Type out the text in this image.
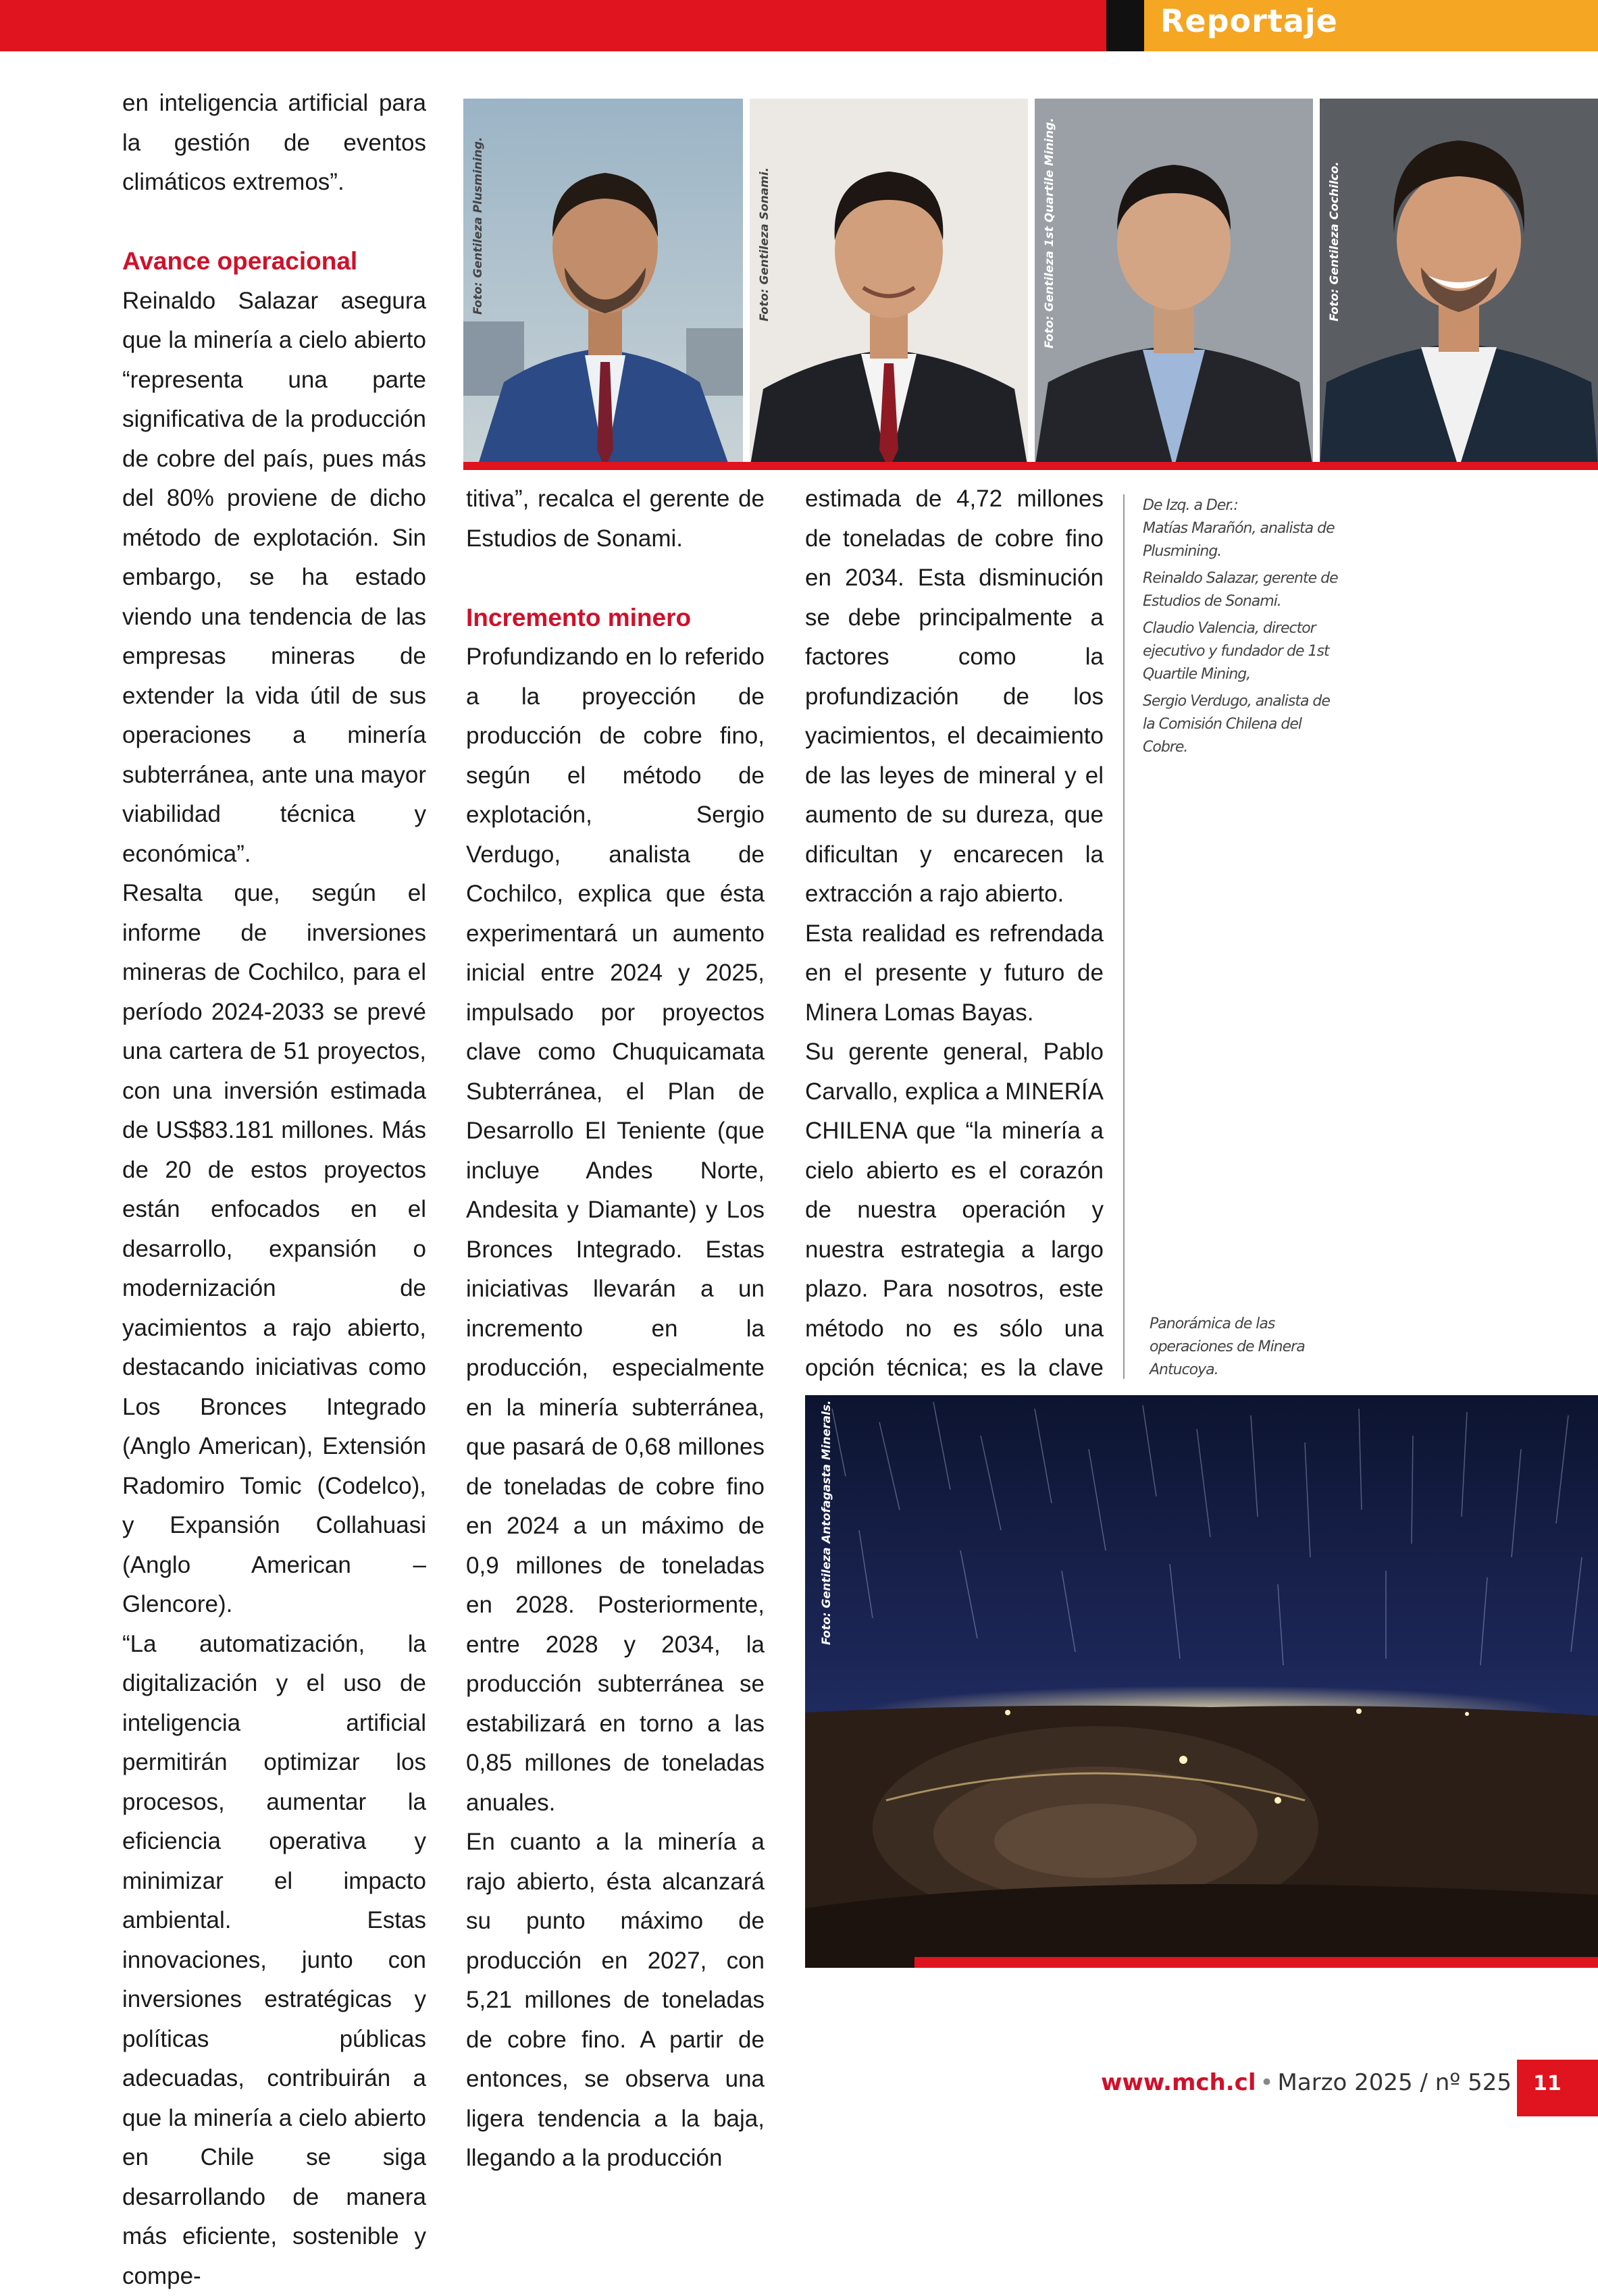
Reportaje

en inteligencia artificial para la gestión de eventos climáticos extremos”.

Avance operacional

Reinaldo Salazar asegura que la minería a cielo abierto “representa una parte significativa de la producción de cobre del país, pues más del 80% proviene de dicho método de explotación. Sin embargo, se ha estado viendo una tendencia de las empresas mineras de extender la vida útil de sus operaciones a minería subterránea, ante una mayor viabilidad técnica y económica”.

Resalta que, según el informe de inversiones mineras de Cochilco, para el período 2024-2033 se prevé una cartera de 51 proyectos, con una inversión estimada de US$83.181 millones. Más de 20 de estos proyectos están enfocados en el desarrollo, expansión o modernización de yacimientos a rajo abierto, destacando iniciativas como Los Bronces Integrado (Anglo American), Extensión Radomiro Tomic (Codelco), y Expansión Collahuasi (Anglo American – Glencore).

“La automatización, la digitalización y el uso de inteligencia artificial permitirán optimizar los procesos, aumentar la eficiencia operativa y minimizar el impacto ambiental. Estas innovaciones, junto con inversiones estratégicas y políticas públicas adecuadas, contribuirán a que la minería a cielo abierto en Chile se siga desarrollando de manera más eficiente, sostenible y compe-

Foto: Gentileza Plusmining.	Foto: Gentileza Sonami.	Foto: Gentileza 1st Quartile Mining.	Foto: Gentileza Cochilco.

titiva”, recalca el gerente de Estudios de Sonami.

Incremento minero

Profundizando en lo referido a la proyección de producción de cobre fino, según el método de explotación, Sergio Verdugo, analista de Cochilco, explica que ésta experimentará un aumento inicial entre 2024 y 2025, impulsado por proyectos clave como Chuquicamata Subterránea, el Plan de Desarrollo El Teniente (que incluye Andes Norte, Andesita y Diamante) y Los Bronces Integrado. Estas iniciativas llevarán a un incremento en la producción, especialmente en la minería subterránea, que pasará de 0,68 millones de toneladas de cobre fino en 2024 a un máximo de 0,9 millones de toneladas en 2028. Posteriormente, entre 2028 y 2034, la producción subterránea se estabilizará en torno a las 0,85 millones de toneladas anuales.

En cuanto a la minería a rajo abierto, ésta alcanzará su punto máximo de producción en 2027, con 5,21 millones de toneladas de cobre fino. A partir de entonces, se observa una ligera tendencia a la baja, llegando a la producción

estimada de 4,72 millones de toneladas de cobre fino en 2034. Esta disminución se debe principalmente a factores como la profundización de los yacimientos, el decaimiento de las leyes de mineral y el aumento de su dureza, que dificultan y encarecen la extracción a rajo abierto.

Esta realidad es refrendada en el presente y futuro de Minera Lomas Bayas.

Su gerente general, Pablo Carvallo, explica a MINERÍA CHILENA que “la minería a cielo abierto es el corazón de nuestra operación y nuestra estrategia a largo plazo. Para nosotros, este método no es sólo una opción técnica; es la clave

De Izq. a Der.:

Matías Marañón, analista de Plusmining.

Reinaldo Salazar, gerente de Estudios de Sonami.

Claudio Valencia, director ejecutivo y fundador de 1st Quartile Mining,

Sergio Verdugo, analista de la Comisión Chilena del Cobre.

Panorámica de las operaciones de Minera Antucoya.
Foto: Gentileza Antofagasta Minerals.
www.mch.cl • Marzo 2025 / nº 525 11
